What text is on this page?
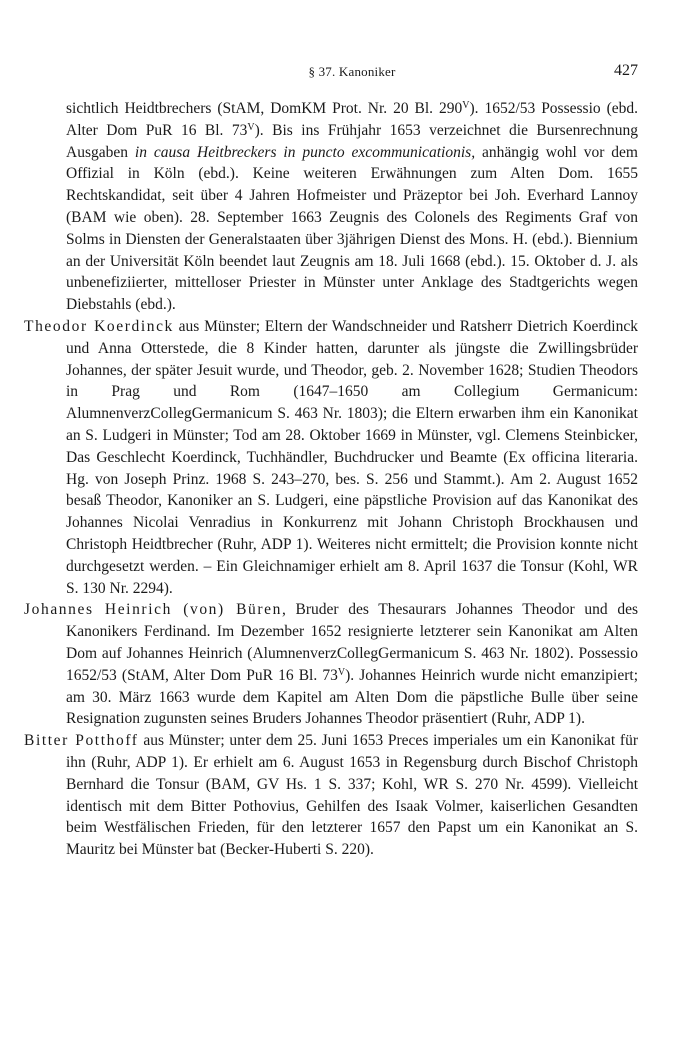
§ 37. Kanoniker	427

sichtlich Heidtbrechers (StAM, DomKM Prot. Nr. 20 Bl. $290^V$). 1652/53 Possessio (ebd. Alter Dom PuR 16 Bl. $73^V$). Bis ins Frühjahr 1653 verzeichnet die Bursenrechnung Ausgaben in causa Heitbreckers in puncto excommunicationis, anhängig wohl vor dem Offizial in Köln (ebd.). Keine weiteren Erwähnungen zum Alten Dom. 1655 Rechtskandidat, seit über 4 Jahren Hofmeister und Präzeptor bei Joh. Everhard Lannoy (BAM wie oben). 28. September 1663 Zeugnis des Colonels des Regiments Graf von Solms in Diensten der Generalstaaten über 3jährigen Dienst des Mons. H. (ebd.). Biennium an der Universität Köln beendet laut Zeugnis am 18. Juli 1668 (ebd.). 15. Oktober d. J. als unbenefiziierter, mittelloser Priester in Münster unter Anklage des Stadtgerichts wegen Diebstahls (ebd.).

Theodor Koerdinck aus Münster; Eltern der Wandschneider und Ratsherr Dietrich Koerdinck und Anna Otterstede, die 8 Kinder hatten, darunter als jüngste die Zwillingsbrüder Johannes, der später Jesuit wurde, und Theodor, geb. 2. November 1628; Studien Theodors in Prag und Rom (1647–1650 am Collegium Germanicum: AlumnenverzCollegGermanicum S. 463 Nr. 1803); die Eltern erwarben ihm ein Kanonikat an S. Ludgeri in Münster; Tod am 28. Oktober 1669 in Münster, vgl. Clemens Steinbicker, Das Geschlecht Koerdinck, Tuchhändler, Buchdrucker und Beamte (Ex officina literaria. Hg. von Joseph Prinz. 1968 S. 243–270, bes. S. 256 und Stammt.). Am 2. August 1652 besaß Theodor, Kanoniker an S. Ludgeri, eine päpstliche Provision auf das Kanonikat des Johannes Nicolai Venradius in Konkurrenz mit Johann Christoph Brockhausen und Christoph Heidtbrecher (Ruhr, ADP 1). Weiteres nicht ermittelt; die Provision konnte nicht durchgesetzt werden. – Ein Gleichnamiger erhielt am 8. April 1637 die Tonsur (Kohl, WR S. 130 Nr. 2294).

Johannes Heinrich (von) Büren, Bruder des Thesaurars Johannes Theodor und des Kanonikers Ferdinand. Im Dezember 1652 resignierte letzterer sein Kanonikat am Alten Dom auf Johannes Heinrich (AlumnenverzCollegGermanicum S. 463 Nr. 1802). Possessio 1652/53 (StAM, Alter Dom PuR 16 Bl. $73^V$). Johannes Heinrich wurde nicht emanzipiert; am 30. März 1663 wurde dem Kapitel am Alten Dom die päpstliche Bulle über seine Resignation zugunsten seines Bruders Johannes Theodor präsentiert (Ruhr, ADP 1).

Bitter Potthoff aus Münster; unter dem 25. Juni 1653 Preces imperiales um ein Kanonikat für ihn (Ruhr, ADP 1). Er erhielt am 6. August 1653 in Regensburg durch Bischof Christoph Bernhard die Tonsur (BAM, GV Hs. 1 S. 337; Kohl, WR S. 270 Nr. 4599). Vielleicht identisch mit dem Bitter Pothovius, Gehilfen des Isaak Volmer, kaiserlichen Gesandten beim Westfälischen Frieden, für den letzterer 1657 den Papst um ein Kanonikat an S. Mauritz bei Münster bat (Becker-Huberti S. 220).
